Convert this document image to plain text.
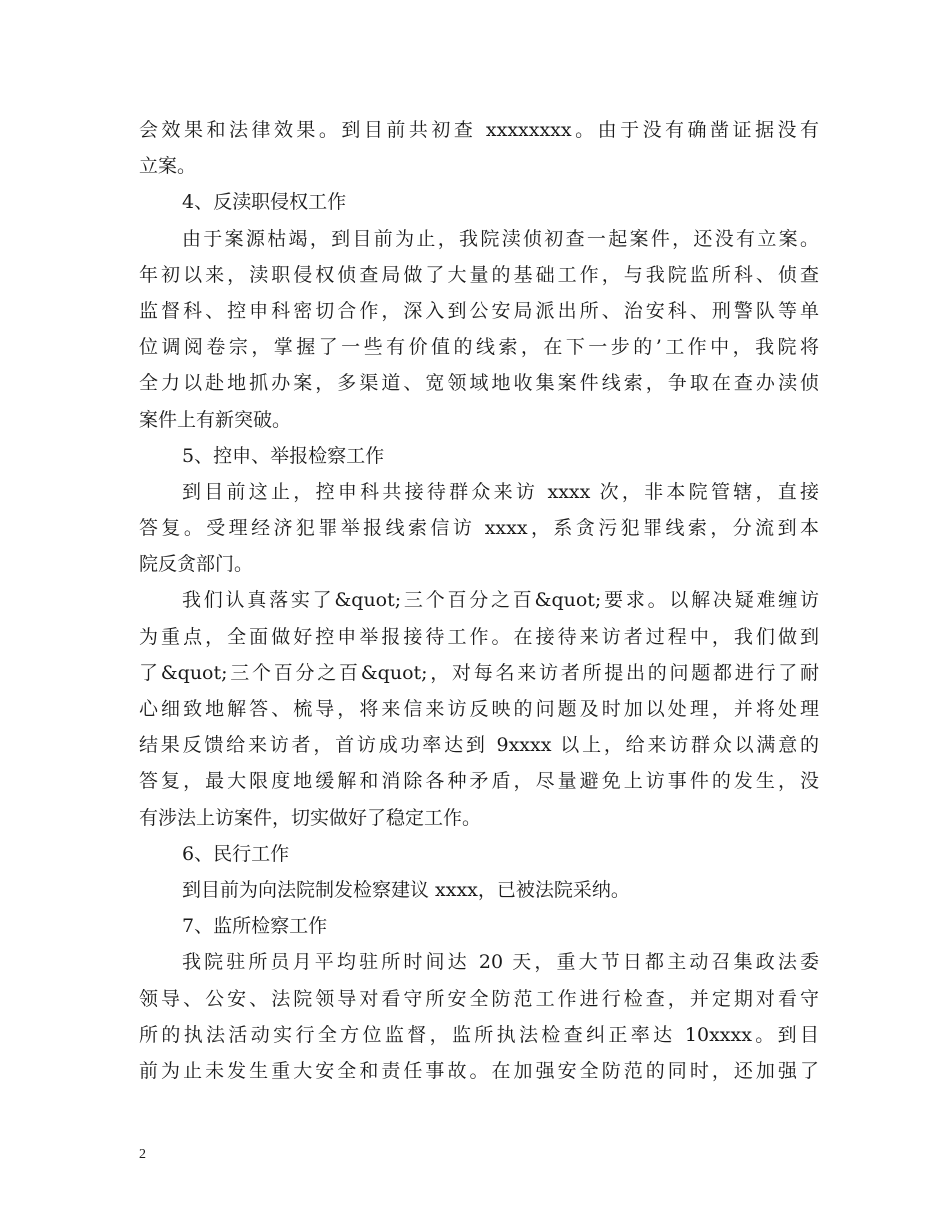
会效果和法律效果。到目前共初查 xxxxxxxx。由于没有确凿证据没有
立案。
4、反渎职侵权工作
由于案源枯竭，到目前为止，我院渎侦初查一起案件，还没有立案。
年初以来，渎职侵权侦查局做了大量的基础工作，与我院监所科、侦查
监督科、控申科密切合作，深入到公安局派出所、治安科、刑警队等单
位调阅卷宗，掌握了一些有价值的线索，在下一步的’工作中，我院将
全力以赴地抓办案，多渠道、宽领域地收集案件线索，争取在查办渎侦
案件上有新突破。
5、控申、举报检察工作
到目前这止，控申科共接待群众来访 xxxx 次，非本院管辖，直接
答复。受理经济犯罪举报线索信访 xxxx，系贪污犯罪线索，分流到本
院反贪部门。
我们认真落实了&quot;三个百分之百&quot;要求。以解决疑难缠访
为重点，全面做好控申举报接待工作。在接待来访者过程中，我们做到
了&quot;三个百分之百&quot;，对每名来访者所提出的问题都进行了耐
心细致地解答、梳导，将来信来访反映的问题及时加以处理，并将处理
结果反馈给来访者，首访成功率达到 9xxxx 以上，给来访群众以满意的
答复，最大限度地缓解和消除各种矛盾，尽量避免上访事件的发生，没
有涉法上访案件，切实做好了稳定工作。
6、民行工作
到目前为向法院制发检察建议 xxxx，已被法院采纳。
7、监所检察工作
我院驻所员月平均驻所时间达 20 天，重大节日都主动召集政法委
领导、公安、法院领导对看守所安全防范工作进行检查，并定期对看守
所的执法活动实行全方位监督，监所执法检查纠正率达 10xxxx。到目
前为止未发生重大安全和责任事故。在加强安全防范的同时，还加强了
2
